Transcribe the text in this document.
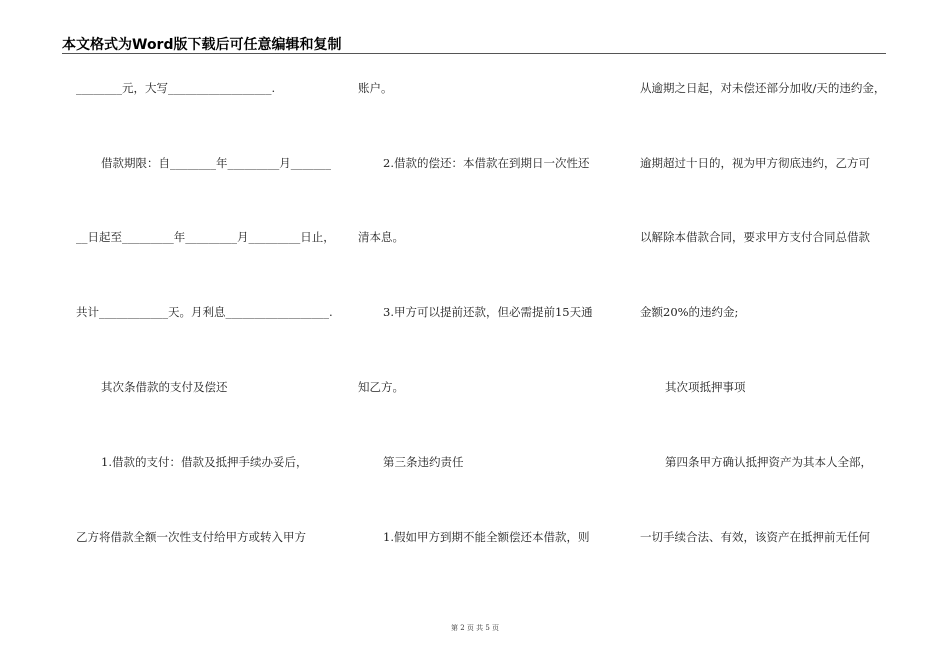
本文格式为Word版下载后可任意编辑和复制
________元，大写__________________.
借款期限：自________年_________月_______
__日起至_________年_________月_________日止，
共计____________天。月利息__________________.
其次条借款的支付及偿还
1.借款的支付：借款及抵押手续办妥后，
乙方将借款全额一次性支付给甲方或转入甲方
账户。
2.借款的偿还：本借款在到期日一次性还
清本息。
3.甲方可以提前还款，但必需提前15天通
知乙方。
第三条违约责任
1.假如甲方到期不能全额偿还本借款，则
从逾期之日起，对未偿还部分加收/天的违约金，
逾期超过十日的，视为甲方彻底违约，乙方可
以解除本借款合同，要求甲方支付合同总借款
金额20%的违约金;
其次项抵押事项
第四条甲方确认抵押资产为其本人全部，
一切手续合法、有效，该资产在抵押前无任何
第 2 页 共 5 页
